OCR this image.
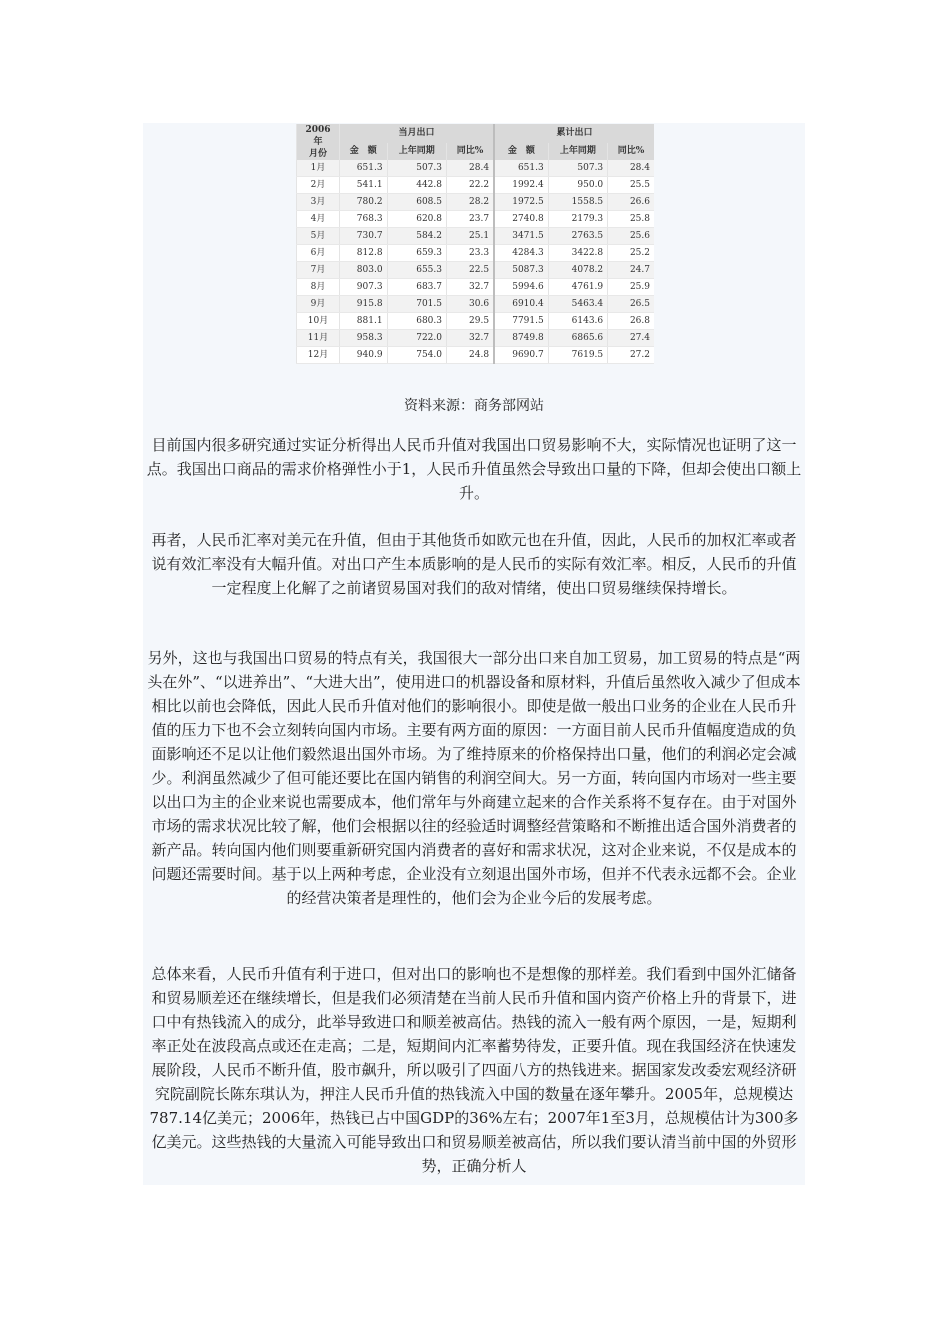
2006年
月份	当月出口			累计出口		
	金　额	上年同期	同比%	金　额	上年同期	同比%
1月	651.3	507.3	28.4	651.3	507.3	28.4
2月	541.1	442.8	22.2	1992.4	950.0	25.5
3月	780.2	608.5	28.2	1972.5	1558.5	26.6
4月	768.3	620.8	23.7	2740.8	2179.3	25.8
5月	730.7	584.2	25.1	3471.5	2763.5	25.6
6月	812.8	659.3	23.3	4284.3	3422.8	25.2
7月	803.0	655.3	22.5	5087.3	4078.2	24.7
8月	907.3	683.7	32.7	5994.6	4761.9	25.9
9月	915.8	701.5	30.6	6910.4	5463.4	26.5
10月	881.1	680.3	29.5	7791.5	6143.6	26.8
11月	958.3	722.0	32.7	8749.8	6865.6	27.4
12月	940.9	754.0	24.8	9690.7	7619.5	27.2
资料来源：商务部网站

目前国内很多研究通过实证分析得出人民币升值对我国出口贸易影响不大，实际情况也证明了这一点。我国出口商品的需求价格弹性小于1，人民币升值虽然会导致出口量的下降，但却会使出口额上升。

再者，人民币汇率对美元在升值，但由于其他货币如欧元也在升值，因此，人民币的加权汇率或者说有效汇率没有大幅升值。对出口产生本质影响的是人民币的实际有效汇率。相反，人民币的升值一定程度上化解了之前诸贸易国对我们的敌对情绪，使出口贸易继续保持增长。

另外，这也与我国出口贸易的特点有关，我国很大一部分出口来自加工贸易，加工贸易的特点是“两头在外”、“以进养出”、“大进大出”，使用进口的机器设备和原材料，升值后虽然收入减少了但成本相比以前也会降低，因此人民币升值对他们的影响很小。即使是做一般出口业务的企业在人民币升值的压力下也不会立刻转向国内市场。主要有两方面的原因：一方面目前人民币升值幅度造成的负面影响还不足以让他们毅然退出国外市场。为了维持原来的价格保持出口量，他们的利润必定会减少。利润虽然减少了但可能还要比在国内销售的利润空间大。另一方面，转向国内市场对一些主要以出口为主的企业来说也需要成本，他们常年与外商建立起来的合作关系将不复存在。由于对国外市场的需求状况比较了解，他们会根据以往的经验适时调整经营策略和不断推出适合国外消费者的新产品。转向国内他们则要重新研究国内消费者的喜好和需求状况，这对企业来说，不仅是成本的问题还需要时间。基于以上两种考虑，企业没有立刻退出国外市场，但并不代表永远都不会。企业的经营决策者是理性的，他们会为企业今后的发展考虑。

总体来看，人民币升值有利于进口，但对出口的影响也不是想像的那样差。我们看到中国外汇储备和贸易顺差还在继续增长，但是我们必须清楚在当前人民币升值和国内资产价格上升的背景下，进口中有热钱流入的成分，此举导致进口和顺差被高估。热钱的流入一般有两个原因，一是，短期利率正处在波段高点或还在走高；二是，短期间内汇率蓄势待发，正要升值。现在我国经济在快速发展阶段，人民币不断升值，股市飙升，所以吸引了四面八方的热钱进来。据国家发改委宏观经济研究院副院长陈东琪认为，押注人民币升值的热钱流入中国的数量在逐年攀升。2005年，总规模达787.14亿美元；2006年，热钱已占中国GDP的36%左右；2007年1至3月，总规模估计为300多亿美元。这些热钱的大量流入可能导致出口和贸易顺差被高估，所以我们要认清当前中国的外贸形势，正确分析人
